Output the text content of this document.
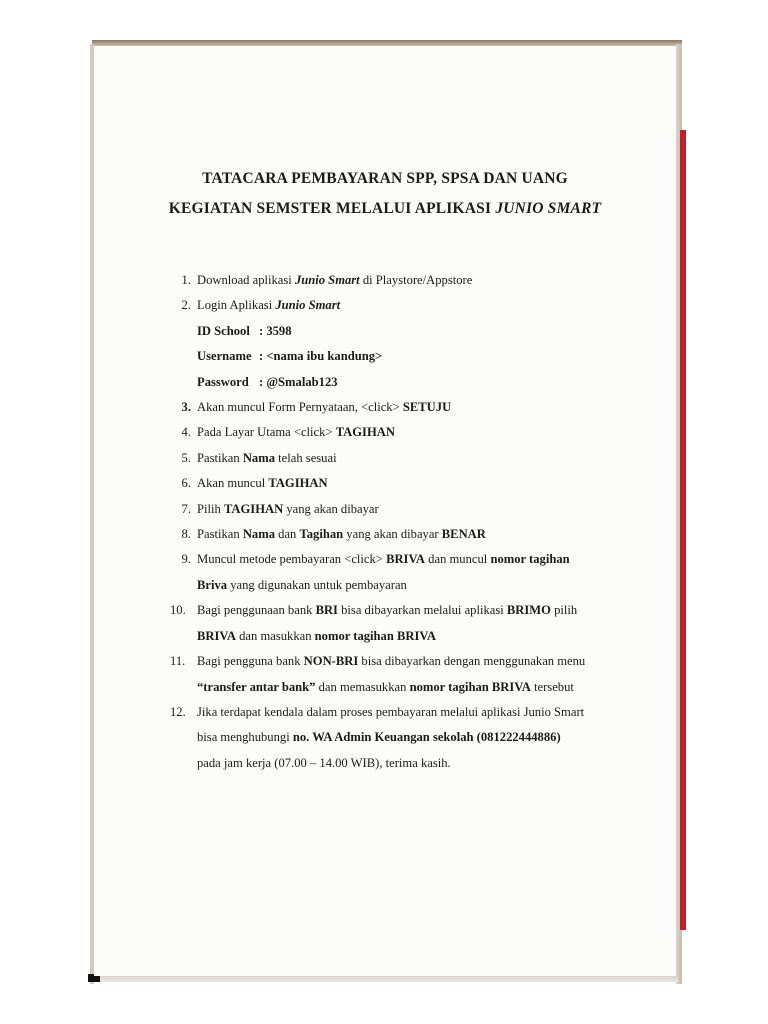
TATACARA PEMBAYARAN SPP, SPSA DAN UANG
KEGIATAN SEMSTER MELALUI APLIKASI JUNIO SMART
1. Download aplikasi Junio Smart di Playstore/Appstore
2. Login Aplikasi Junio Smart
ID School : 3598
Username : <nama ibu kandung>
Password : @Smalab123
3. Akan muncul Form Pernyataan, <click> SETUJU
4. Pada Layar Utama <click> TAGIHAN
5. Pastikan Nama telah sesuai
6. Akan muncul TAGIHAN
7. Pilih TAGIHAN yang akan dibayar
8. Pastikan Nama dan Tagihan yang akan dibayar BENAR
9. Muncul metode pembayaran <click> BRIVA dan muncul nomor tagihan
Briva yang digunakan untuk pembayaran
10. Bagi penggunaan bank BRI bisa dibayarkan melalui aplikasi BRIMO pilih
BRIVA dan masukkan nomor tagihan BRIVA
11. Bagi pengguna bank NON-BRI bisa dibayarkan dengan menggunakan menu
“transfer antar bank” dan memasukkan nomor tagihan BRIVA tersebut
12. Jika terdapat kendala dalam proses pembayaran melalui aplikasi Junio Smart
bisa menghubungi no. WA Admin Keuangan sekolah (081222444886)
pada jam kerja (07.00 – 14.00 WIB), terima kasih.
